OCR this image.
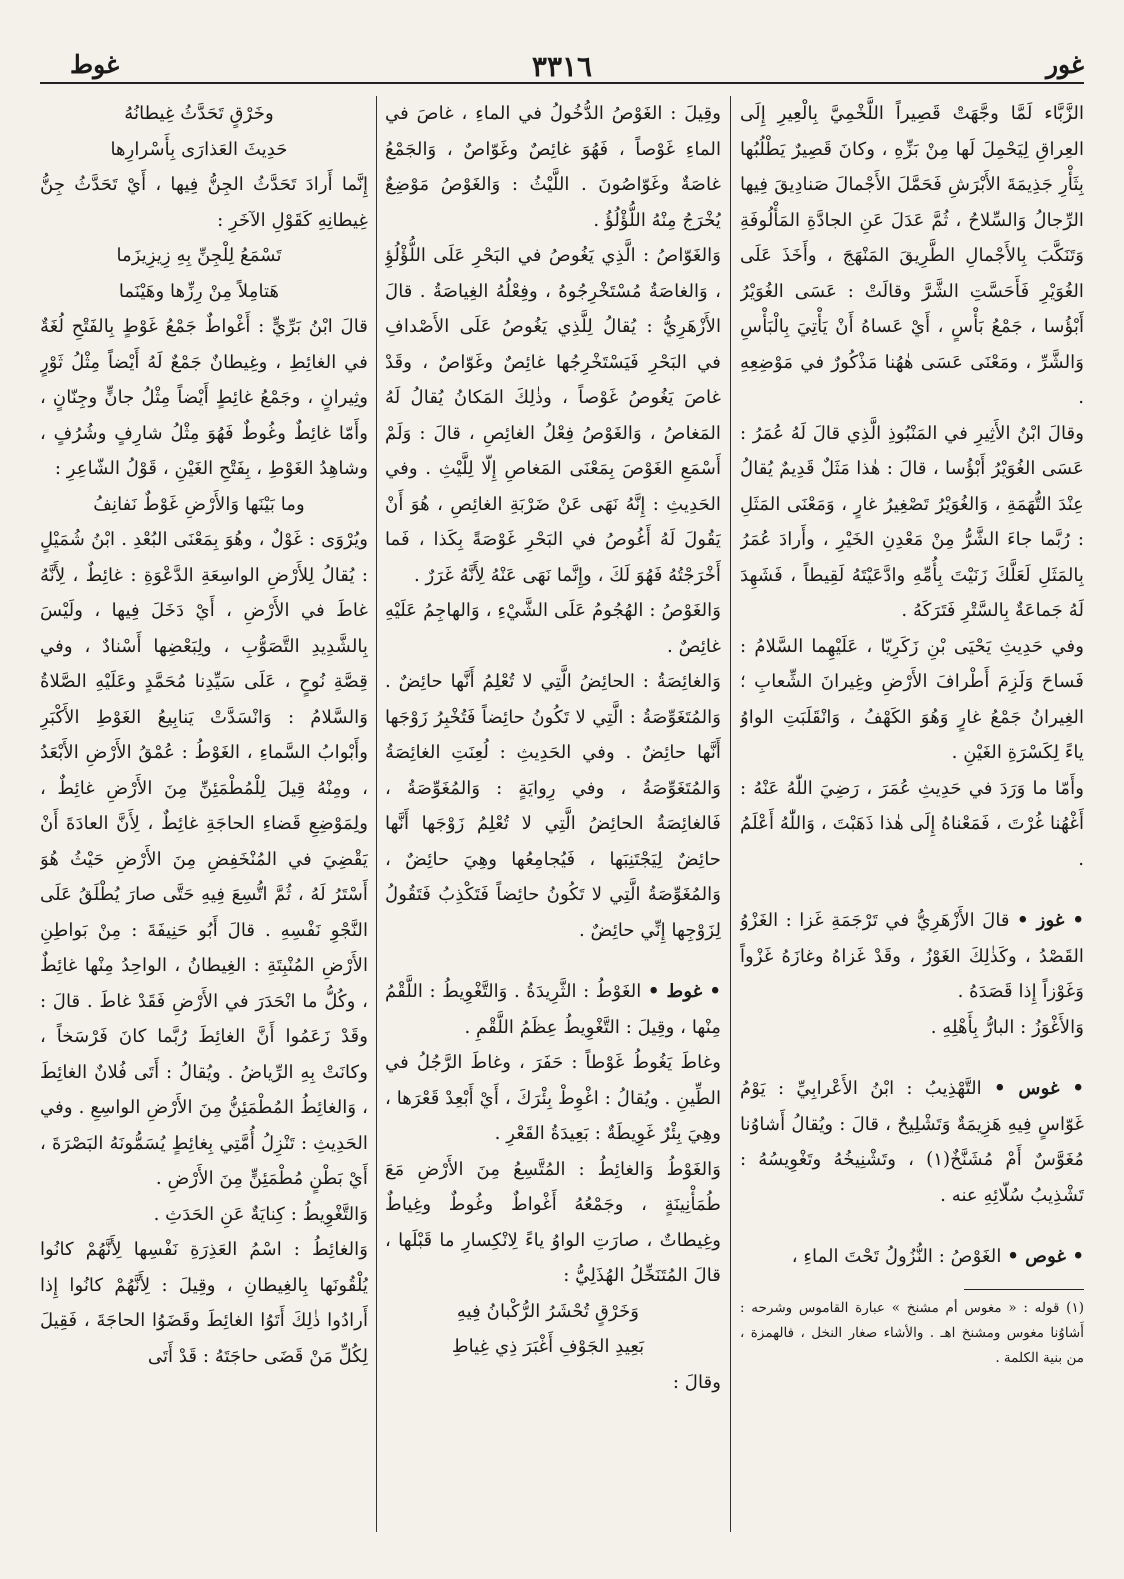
غوط	٣٣١٦	غور

الزَّبَّاء لَمَّا وجَّهَتْ قَصِيراً اللَّخْمِيَّ بِالْعِيرِ إِلَى العِراقِ لِيَحْمِلَ لَها مِنْ بَزِّهِ ، وكانَ قَصِيرٌ يَطْلُبُها بِثَأْرِ جَذِيمَةَ الأَبْرَشِ فَحَمَّلَ الأَجْمالَ صَنادِيقَ فِيها الرِّجالُ وَالسِّلاحُ ، ثُمَّ عَدَلَ عَنِ الجادَّةِ المَأْلُوفَةِ وَتَنَكَّبَ بِالأَجْمالِ الطَّرِيقَ المَنْهَجَ ، وأَخَذَ عَلَى الغُوَيْرِ فَأَحَسَّتِ الشَّرَّ وقالَتْ : عَسَى الغُوَيْرُ أَبْؤُسا ، جَمْعُ بَأْسٍ ، أَيْ عَساهُ أَنْ يَأْتِيَ بِالْبَأْسِ وَالشَّرِّ ، ومَعْنَى عَسَى هٰهُنا مَذْكُورٌ في مَوْضِعِهِ .

وقالَ ابْنُ الأَثِيرِ في المَنْبُوذِ الَّذِي قالَ لَهُ عُمَرُ : عَسَى الغُوَيْرُ أَبْؤُسا ، قالَ : هٰذا مَثَلٌ قَدِيمٌ يُقالُ عِنْدَ التُّهَمَةِ ، وَالغُوَيْرُ تَصْغِيرُ غارٍ ، وَمَعْنَى المَثَلِ : رُبَّما جاءَ الشَّرُّ مِنْ مَعْدِنِ الخَيْرِ ، وأَرادَ عُمَرُ بِالمَثَلِ لَعَلَّكَ زَنَيْتَ بِأُمِّهِ وادَّعَيْتَهُ لَقِيطاً ، فَشَهِدَ لَهُ جَماعَةٌ بِالسَّتْرِ فَتَرَكَهُ .

وفي حَدِيثِ يَحْيَى بْنِ زَكَرِيّا ، عَلَيْهِما السَّلامُ : فَساحَ وَلَزِمَ أَطْرافَ الأَرْضِ وغِيرانَ الشِّعابِ ؛ الغِيرانُ جَمْعُ غارٍ وَهُوَ الكَهْفُ ، وَانْقَلَبَتِ الواوُ ياءً لِكَسْرَةِ الغَيْنِ .

وأَمّا ما وَرَدَ في حَدِيثِ عُمَرَ ، رَضِيَ اللّٰهُ عَنْهُ : أَغْهُنا غُرْتَ ، فَمَعْناهُ إِلَى هٰذا ذَهَبْتَ ، وَاللّٰهُ أَعْلَمُ .

• غوز • قالَ الأَزْهَرِيُّ في تَرْجَمَةِ غَزا : الغَزْوُ القَصْدُ ، وكَذٰلِكَ الغَوْزُ ، وقَدْ غَزاهُ وغازَهُ غَزْواً وَغَوْزاً إِذا قَصَدَهُ .

وَالأَغْوَزُ : البارُّ بِأَهْلِهِ .

• غوس • التَّهْذِيبُ : ابْنُ الأَعْرابِيِّ : يَوْمُ غَوّاسٍ فِيهِ هَزِيمَةٌ وَتَشْلِيحٌ ، قالَ : ويُقالُ أَشاوُنا مُغَوَّسٌ أَمْ مُشَنَّخٌ(١) ، وتَشْنِيخُهُ وتَغْوِيسُهُ : تَشْذِيبُ سُلّائِهِ عنه .

• غوص • الغَوْصُ : النُّزُولُ تَحْتَ الماءِ ،

(١) قوله : « مغوس أم مشنخ » عبارة القاموس وشرحه : أَشاوُنا مغوس ومشنخ اهـ . والأشاء صغار النخل ، فالهمزة ، من بنية الكلمة .

وقِيلَ : الغَوْصُ الدُّخُولُ في الماءِ ، غاصَ في الماءِ غَوْصاً ، فَهُوَ غائِصٌ وغَوّاصٌ ، وَالجَمْعُ غاصَةٌ وغَوّاصُونَ . اللَّيْثُ : وَالغَوْصُ مَوْضِعٌ يُخْرَجُ مِنْهُ اللُّؤْلُؤُ .

وَالغَوّاصُ : الَّذِي يَغُوصُ في البَحْرِ عَلَى اللُّؤْلُؤِ ، وَالغاصَةُ مُسْتَخْرِجُوهُ ، وفِعْلُهُ الغِياصَةُ . قالَ الأَزْهَرِيُّ : يُقالُ لِلَّذِي يَغُوصُ عَلَى الأَصْدافِ في البَحْرِ فَيَسْتَخْرِجُها غائِصٌ وغَوّاصٌ ، وقَدْ غاصَ يَغُوصُ غَوْصاً ، وذٰلِكَ المَكانُ يُقالُ لَهُ المَغاصُ ، وَالغَوْصُ فِعْلُ الغائِصِ ، قالَ : وَلَمْ أَسْمَعِ الغَوْصَ بِمَعْنَى المَغاصِ إِلّا لِلَّيْثِ . وفي الحَدِيثِ : إِنَّهُ نَهَى عَنْ ضَرْبَةِ الغائِصِ ، هُوَ أَنْ يَقُولَ لَهُ أَغُوصُ في البَحْرِ غَوْصَةً بِكَذا ، فَما أَخْرَجْتُهُ فَهُوَ لَكَ ، وإِنَّما نَهَى عَنْهُ لِأَنَّهُ غَرَرٌ .

وَالغَوْصُ : الهُجُومُ عَلَى الشَّيْءِ ، وَالهاجِمُ عَلَيْهِ غائِصٌ .

وَالغائِصَةُ : الحائِضُ الَّتِي لا تُعْلِمُ أَنَّها حائِضٌ . وَالمُتَغَوِّصَةُ : الَّتِي لا تَكُونُ حائِضاً فَتُخْبِرُ زَوْجَها أَنَّها حائِضٌ . وفي الحَدِيثِ : لُعِنَتِ الغائِصَةُ وَالمُتَغَوِّصَةُ ، وفي رِوايَةٍ : وَالمُغَوِّصَةُ ، فَالغائِصَةُ الحائِضُ الَّتِي لا تُعْلِمُ زَوْجَها أَنَّها حائِضٌ لِيَجْتَنِبَها ، فَيُجامِعُها وهِيَ حائِضٌ ، وَالمُغَوِّصَةُ الَّتِي لا تَكُونُ حائِضاً فَتَكْذِبُ فَتَقُولُ لِزَوْجِها إِنِّي حائِضٌ .

• غوط • الغَوْطُ : الثَّرِيدَةُ . وَالتَّغْوِيطُ : اللَّقْمُ مِنْها ، وقِيلَ : التَّغْوِيطُ عِظَمُ اللَّقْمِ .

وغاطَ يَغُوطُ غَوْطاً : حَفَرَ ، وغاطَ الرَّجُلُ في الطِّينِ . ويُقالُ : اغْوِطْ بِئْرَكَ ، أَيْ أَبْعِدْ قَعْرَها ، وهِيَ بِئْرٌ غَوِيطَةٌ : بَعِيدَةُ القَعْرِ .

وَالغَوْطُ وَالغائِطُ : المُتَّسِعُ مِنَ الأَرْضِ مَعَ طُمَأْنِينَةٍ ، وجَمْعُهُ أَغْواطٌ وغُوطٌ وغِياطٌ وغِيطاتٌ ، صارَتِ الواوُ ياءً لِانْكِسارِ ما قَبْلَها ، قالَ المُتَنَخِّلُ الهُذَلِيُّ :

وَخَرْقٍ تُحْشَرُ الرُّكْبانُ فِيهِ

بَعِيدِ الجَوْفِ أَغْبَرَ ذِي غِياطِ

وقالَ :

وخَرْقٍ تَحَدَّثُ غِيطانُهُ

حَدِيثَ العَذارَى بِأَسْرارِها

إِنَّما أَرادَ تَحَدَّثُ الجِنُّ فِيها ، أَيْ تَحَدَّثُ جِنُّ غِيطانِهِ كَقَوْلِ الآخَرِ :

تَسْمَعُ لِلْجِنِّ بِهِ زِيزِيزَما

هَتامِلاً مِنْ رِزِّها وهَيْنَما

قالَ ابْنُ بَرِّيٍّ : أَغْواطٌ جَمْعُ غَوْطٍ بِالفَتْحِ لُغَةٌ في الغائِطِ ، وغِيطانٌ جَمْعٌ لَهُ أَيْضاً مِثْلُ ثَوْرٍ وثِيرانٍ ، وجَمْعُ غائِطٍ أَيْضاً مِثْلُ جانٍّ وجِنّانٍ ، وأَمّا غائِطٌ وغُوطٌ فَهُوَ مِثْلُ شارِفٍ وشُرُفٍ ، وشاهِدُ الغَوْطِ ، بِفَتْحِ الغَيْنِ ، قَوْلُ الشّاعِرِ :

وما بَيْنَها وَالأَرْضِ غَوْطٌ نَفانِفُ

ويُرْوَى : غَوْلٌ ، وهُوَ بِمَعْنَى البُعْدِ . ابْنُ شُمَيْلٍ : يُقالُ لِلأَرْضِ الواسِعَةِ الدَّعْوَةِ : غائِطٌ ، لِأَنَّهُ غاطَ في الأَرْضِ ، أَيْ دَخَلَ فِيها ، ولَيْسَ بِالشَّدِيدِ التَّصَوُّبِ ، ولِبَعْضِها أَسْنادٌ ، وفي قِصَّةِ نُوحٍ ، عَلَى سَيِّدِنا مُحَمَّدٍ وعَلَيْهِ الصَّلاةُ وَالسَّلامُ : وَانْسَدَّتْ يَنابِيعُ الغَوْطِ الأَكْبَرِ وأَبْوابُ السَّماءِ ، الغَوْطُ : عُمْقُ الأَرْضِ الأَبْعَدُ ، ومِنْهُ قِيلَ لِلْمُطْمَئِنِّ مِنَ الأَرْضِ غائِطٌ ، ولِمَوْضِعِ قَضاءِ الحاجَةِ غائِطٌ ، لِأَنَّ العادَةَ أَنْ يَقْضِيَ في المُنْخَفِضِ مِنَ الأَرْضِ حَيْثُ هُوَ أَسْتَرُ لَهُ ، ثُمَّ اتُّسِعَ فِيهِ حَتَّى صارَ يُطْلَقُ عَلَى النَّجْوِ نَفْسِهِ . قالَ أَبُو حَنِيفَةَ : مِنْ بَواطِنِ الأَرْضِ المُنْبِتَةِ : الغِيطانُ ، الواحِدُ مِنْها غائِطٌ ، وكُلُّ ما انْحَدَرَ في الأَرْضِ فَقَدْ غاطَ . قالَ : وقَدْ زَعَمُوا أَنَّ الغائِطَ رُبَّما كانَ فَرْسَخاً ، وكانَتْ بِهِ الرِّياضُ . ويُقالُ : أَتَى فُلانٌ الغائِطَ ، وَالغائِطُ المُطْمَئِنُّ مِنَ الأَرْضِ الواسِعِ . وفي الحَدِيثِ : تَنْزِلُ أُمَّتِي بِغائِطٍ يُسَمُّونَهُ البَصْرَةَ ، أَيْ بَطْنٍ مُطْمَئِنٍّ مِنَ الأَرْضِ .

وَالتَّغْوِيطُ : كِنايَةٌ عَنِ الحَدَثِ .

وَالغائِطُ : اسْمُ العَذِرَةِ نَفْسِها لِأَنَّهُمْ كانُوا يُلْقُونَها بِالغِيطانِ ، وقِيلَ : لِأَنَّهُمْ كانُوا إِذا أَرادُوا ذٰلِكَ أَتَوُا الغائِطَ وقَضَوُا الحاجَةَ ، فَقِيلَ لِكُلِّ مَنْ قَضَى حاجَتَهُ : قَدْ أَتَى
